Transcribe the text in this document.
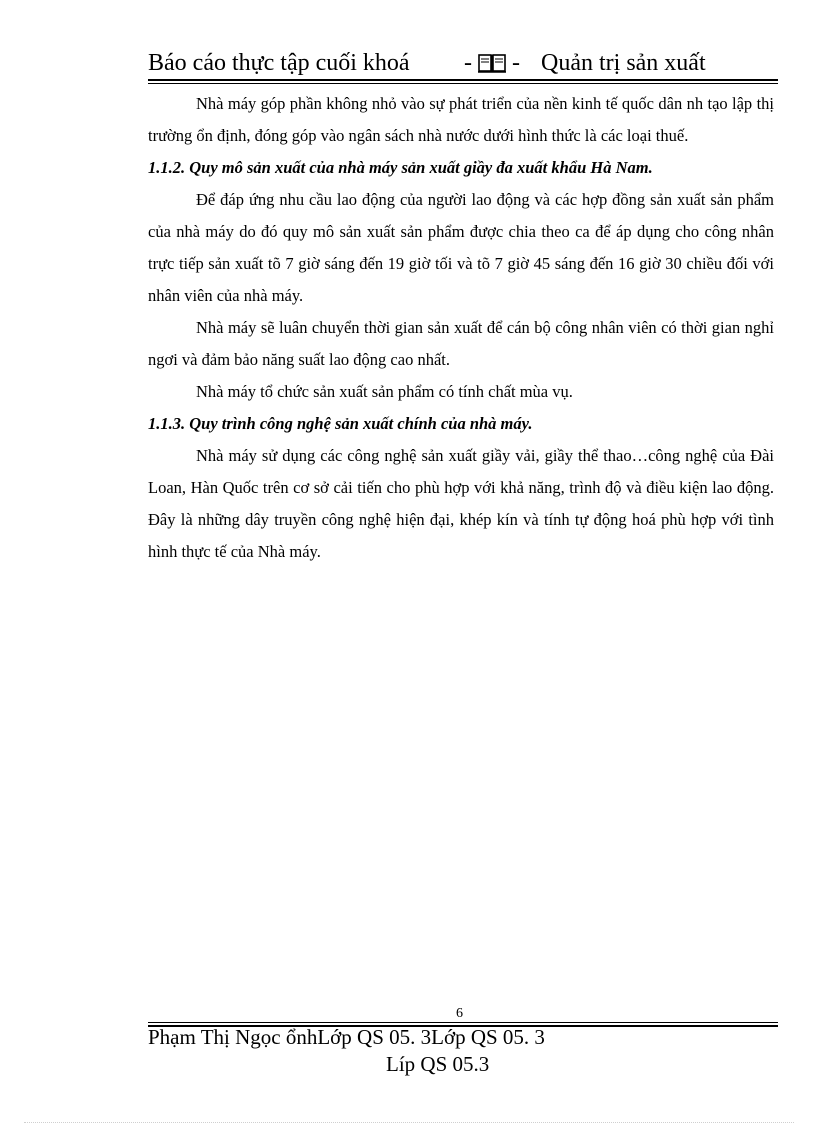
Báo cáo thực tập cuối khoá - - Quản trị sản xuất

Nhà máy góp phần không nhỏ vào sự phát triển của nền kinh tế quốc dân nh tạo lập thị trường ổn định, đóng góp vào ngân sách nhà nước dưới hình thức là các loại thuế.

1.1.2. Quy mô sản xuất của nhà máy sản xuất giầy đa xuất khẩu Hà Nam.

Để đáp ứng nhu cầu lao động của người lao động và các hợp đồng sản xuất sản phẩm của nhà máy do đó quy mô sản xuất sản phẩm được chia theo ca để áp dụng cho công nhân trực tiếp sản xuất tõ 7 giờ sáng đến 19 giờ tối và tõ 7 giờ 45 sáng đến 16 giờ 30 chiều đối với nhân viên của nhà máy.

Nhà máy sẽ luân chuyển thời gian sản xuất để cán bộ công nhân viên có thời gian nghỉ ngơi và đảm bảo năng suất lao động cao nhất.

Nhà máy tổ chức sản xuất sản phẩm có tính chất mùa vụ.

1.1.3. Quy trình công nghệ sản xuất chính của nhà máy.

Nhà máy sử dụng các công nghệ sản xuất giầy vải, giầy thể thao…công nghệ của Đài Loan, Hàn Quốc trên cơ sở cải tiến cho phù hợp với khả năng, trình độ và điều kiện lao động. Đây là những dây truyền công nghệ hiện đại, khép kín và tính tự động hoá phù hợp với tình hình thực tế của Nhà máy.

6
Phạm Thị Ngọc ổnhLớp QS 05. 3Lớp QS 05. 3
Líp QS 05.3
